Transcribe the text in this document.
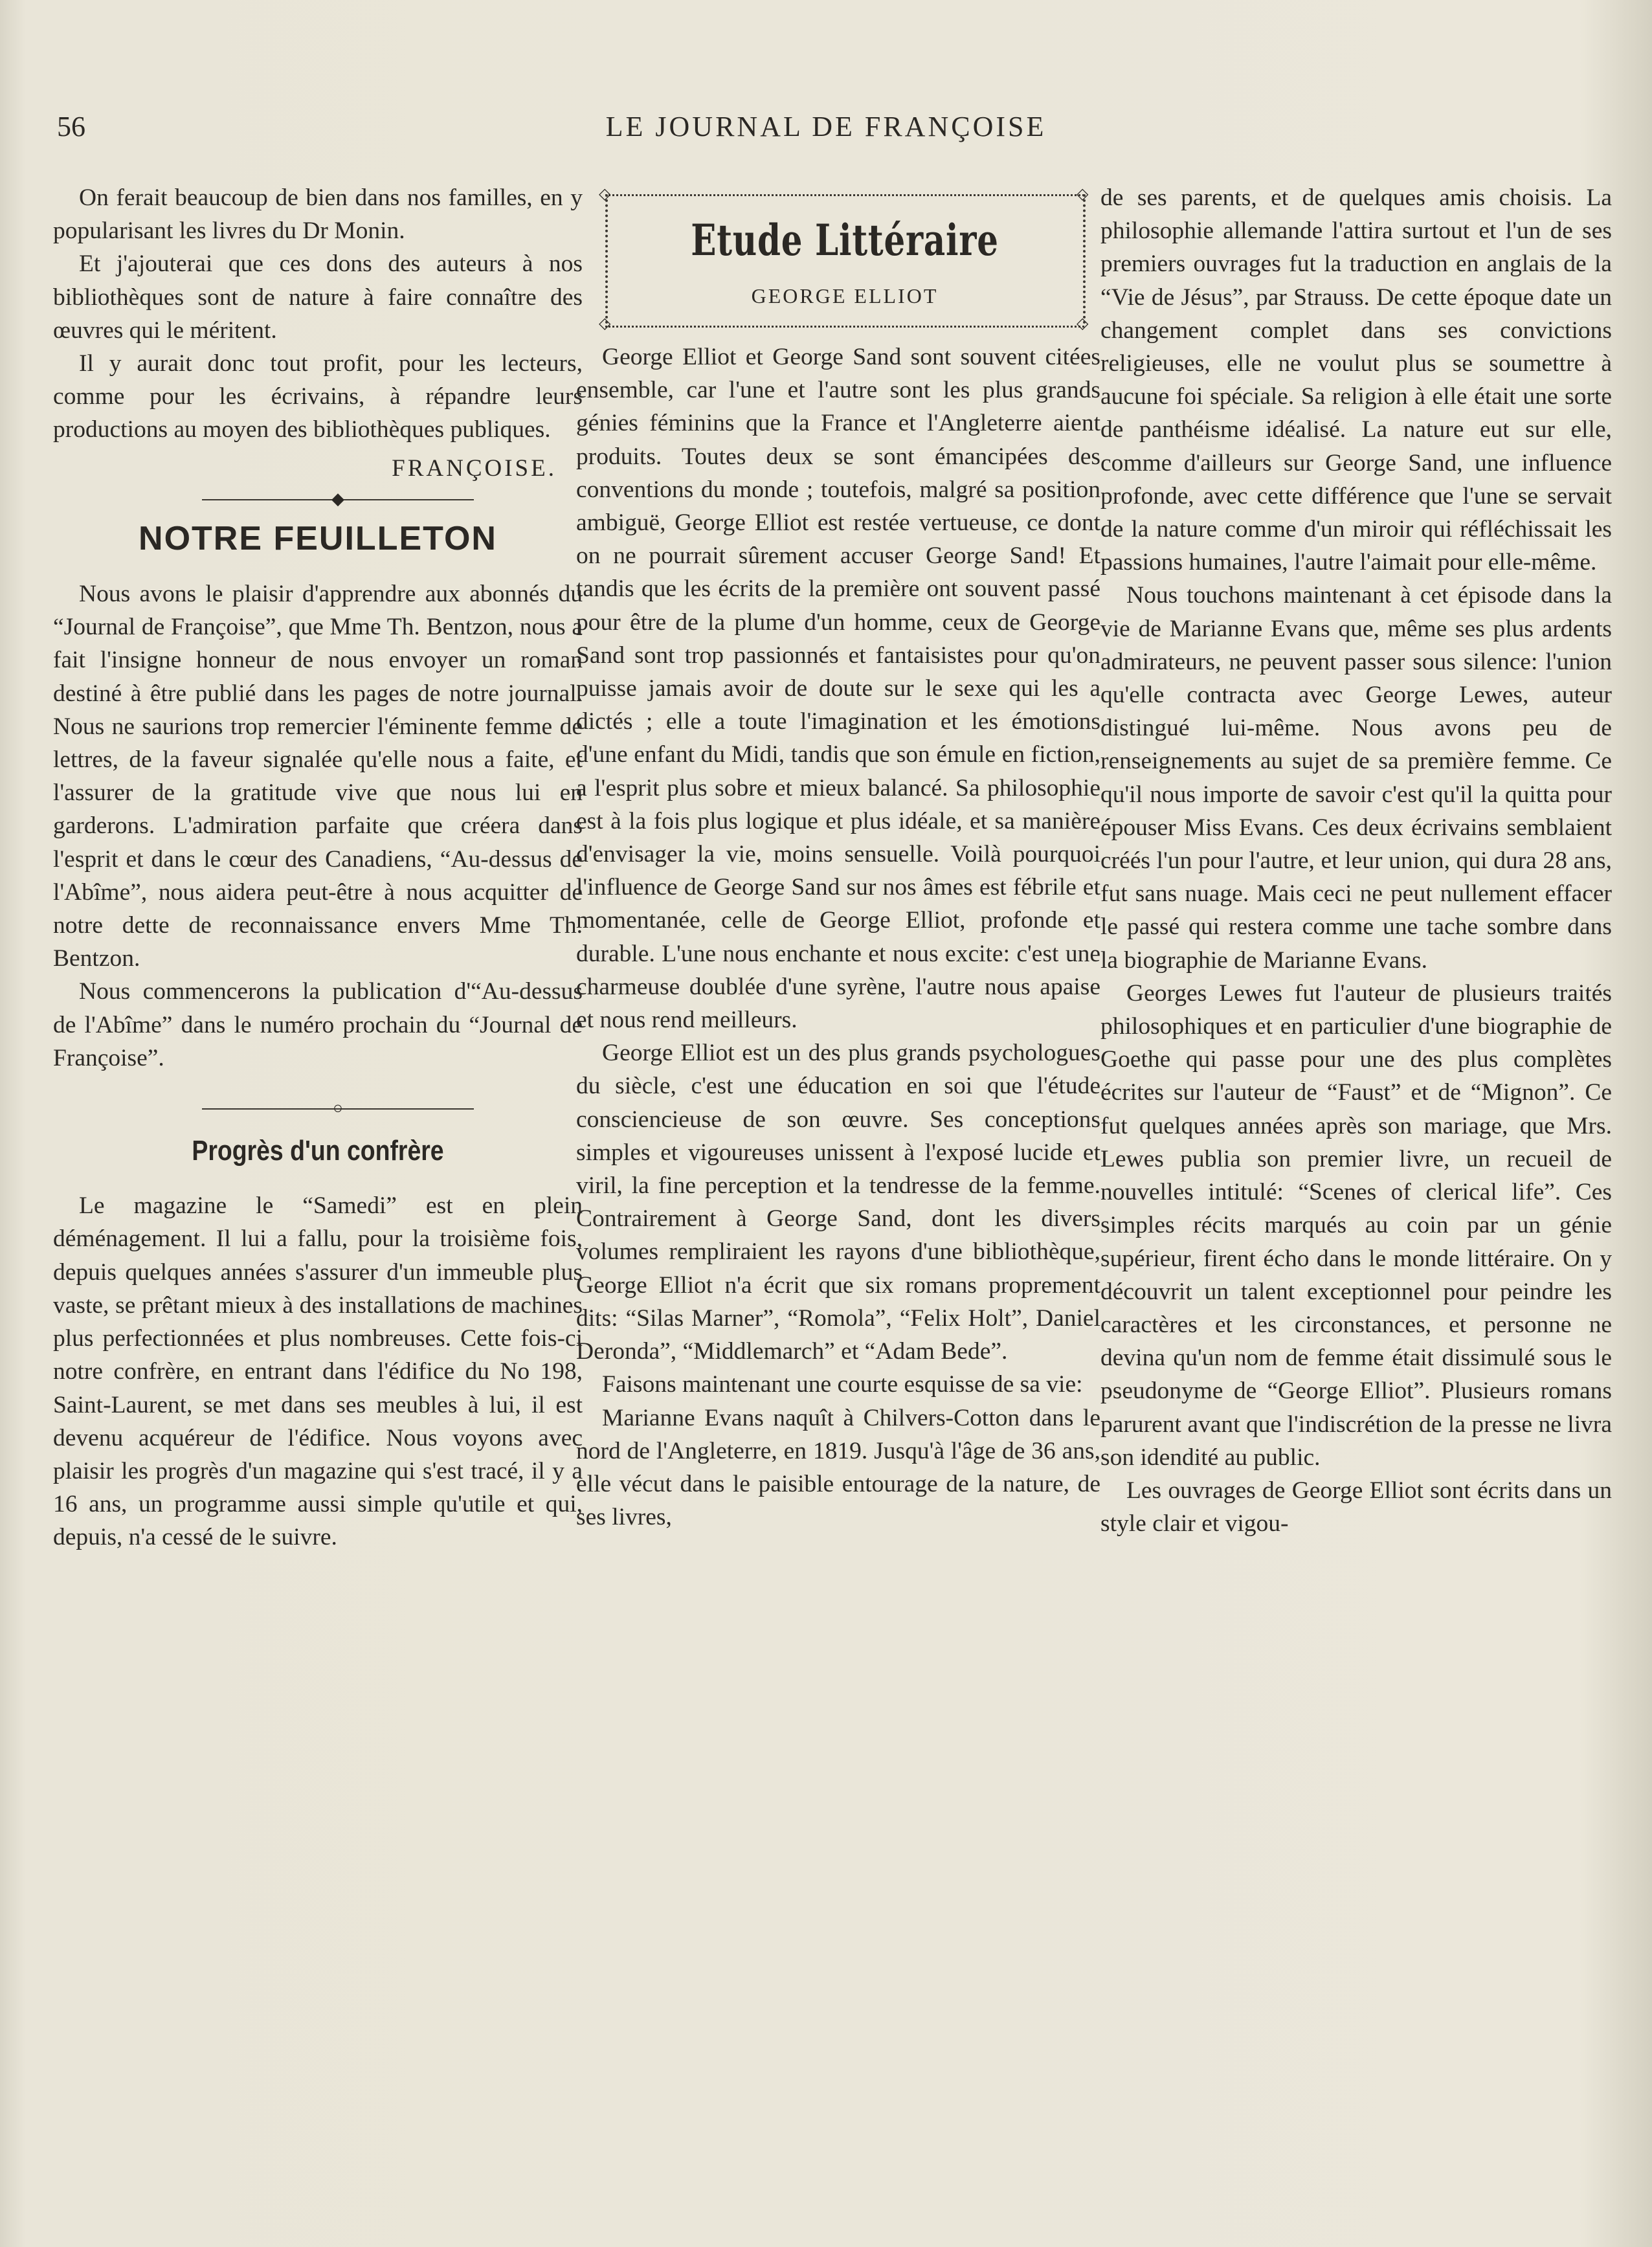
56	LE JOURNAL DE FRANÇOISE

On ferait beaucoup de bien dans nos familles, en y popularisant les livres du Dr Monin.

Et j'ajouterai que ces dons des auteurs à nos bibliothèques sont de nature à faire connaître des œuvres qui le méritent.

Il y aurait donc tout profit, pour les lecteurs, comme pour les écrivains, à répandre leurs productions au moyen des bibliothèques publiques.

FRANÇOISE.
◆
NOTRE FEUILLETON

Nous avons le plaisir d'apprendre aux abonnés du “Journal de Françoise”, que Mme Th. Bentzon, nous a fait l'insigne honneur de nous envoyer un roman destiné à être publié dans les pages de notre journal. Nous ne saurions trop remercier l'éminente femme de lettres, de la faveur signalée qu'elle nous a faite, et l'assurer de la gratitude vive que nous lui en garderons. L'admiration parfaite que créera dans l'esprit et dans le cœur des Canadiens, “Au-dessus de l'Abîme”, nous aidera peut-être à nous acquitter de notre dette de reconnaissance envers Mme Th. Bentzon.

Nous commencerons la publication d'“Au-dessus de l'Abîme” dans le numéro prochain du “Journal de Françoise”.

○
Progrès d'un confrère

Le magazine le “Samedi” est en plein déménagement. Il lui a fallu, pour la troisième fois, depuis quelques années s'assurer d'un immeuble plus vaste, se prêtant mieux à des installations de machines plus perfectionnées et plus nombreuses. Cette fois-ci notre confrère, en entrant dans l'édifice du No 198, Saint-Laurent, se met dans ses meubles à lui, il est devenu acquéreur de l'édifice. Nous voyons avec plaisir les progrès d'un magazine qui s'est tracé, il y a 16 ans, un programme aussi simple qu'utile et qui, depuis, n'a cessé de le suivre.

◇	◇
◇	◇
Etude Littéraire
GEORGE ELLIOT

George Elliot et George Sand sont souvent citées ensemble, car l'une et l'autre sont les plus grands génies féminins que la France et l'Angleterre aient produits. Toutes deux se sont émancipées des conventions du monde ; toutefois, malgré sa position ambiguë, George Elliot est restée vertueuse, ce dont on ne pourrait sûrement accuser George Sand! Et tandis que les écrits de la première ont souvent passé pour être de la plume d'un homme, ceux de George Sand sont trop passionnés et fantaisistes pour qu'on puisse jamais avoir de doute sur le sexe qui les a dictés ; elle a toute l'imagination et les émotions d'une enfant du Midi, tandis que son émule en fiction, a l'esprit plus sobre et mieux balancé. Sa philosophie est à la fois plus logique et plus idéale, et sa manière d'envisager la vie, moins sensuelle. Voilà pourquoi l'influence de George Sand sur nos âmes est fébrile et momentanée, celle de George Elliot, profonde et durable. L'une nous enchante et nous excite: c'est une charmeuse doublée d'une syrène, l'autre nous apaise et nous rend meilleurs.

George Elliot est un des plus grands psychologues du siècle, c'est une éducation en soi que l'étude consciencieuse de son œuvre. Ses conceptions simples et vigoureuses unissent à l'exposé lucide et viril, la fine perception et la tendresse de la femme. Contrairement à George Sand, dont les divers volumes rempliraient les rayons d'une bibliothèque, George Elliot n'a écrit que six romans proprement dits: “Silas Marner”, “Romola”, “Felix Holt”, Daniel Deronda”, “Middlemarch” et “Adam Bede”.

Faisons maintenant une courte esquisse de sa vie:

Marianne Evans naquît à Chilvers-Cotton dans le nord de l'Angleterre, en 1819. Jusqu'à l'âge de 36 ans, elle vécut dans le paisible entourage de la nature, de ses livres,

de ses parents, et de quelques amis choisis. La philosophie allemande l'attira surtout et l'un de ses premiers ouvrages fut la traduction en anglais de la “Vie de Jésus”, par Strauss. De cette époque date un changement complet dans ses convictions religieuses, elle ne voulut plus se soumettre à aucune foi spéciale. Sa religion à elle était une sorte de panthéisme idéalisé. La nature eut sur elle, comme d'ailleurs sur George Sand, une influence profonde, avec cette différence que l'une se servait de la nature comme d'un miroir qui réfléchissait les passions humaines, l'autre l'aimait pour elle-même.

Nous touchons maintenant à cet épisode dans la vie de Marianne Evans que, même ses plus ardents admirateurs, ne peuvent passer sous silence: l'union qu'elle contracta avec George Lewes, auteur distingué lui-même. Nous avons peu de renseignements au sujet de sa première femme. Ce qu'il nous importe de savoir c'est qu'il la quitta pour épouser Miss Evans. Ces deux écrivains semblaient créés l'un pour l'autre, et leur union, qui dura 28 ans, fut sans nuage. Mais ceci ne peut nullement effacer le passé qui restera comme une tache sombre dans la biographie de Marianne Evans.

Georges Lewes fut l'auteur de plusieurs traités philosophiques et en particulier d'une biographie de Goethe qui passe pour une des plus complètes écrites sur l'auteur de “Faust” et de “Mignon”. Ce fut quelques années après son mariage, que Mrs. Lewes publia son premier livre, un recueil de nouvelles intitulé: “Scenes of clerical life”. Ces simples récits marqués au coin par un génie supérieur, firent écho dans le monde littéraire. On y découvrit un talent exceptionnel pour peindre les caractères et les circonstances, et personne ne devina qu'un nom de femme était dissimulé sous le pseudonyme de “George Elliot”. Plusieurs romans parurent avant que l'indiscrétion de la presse ne livra son idendité au public.

Les ouvrages de George Elliot sont écrits dans un style clair et vigou-
